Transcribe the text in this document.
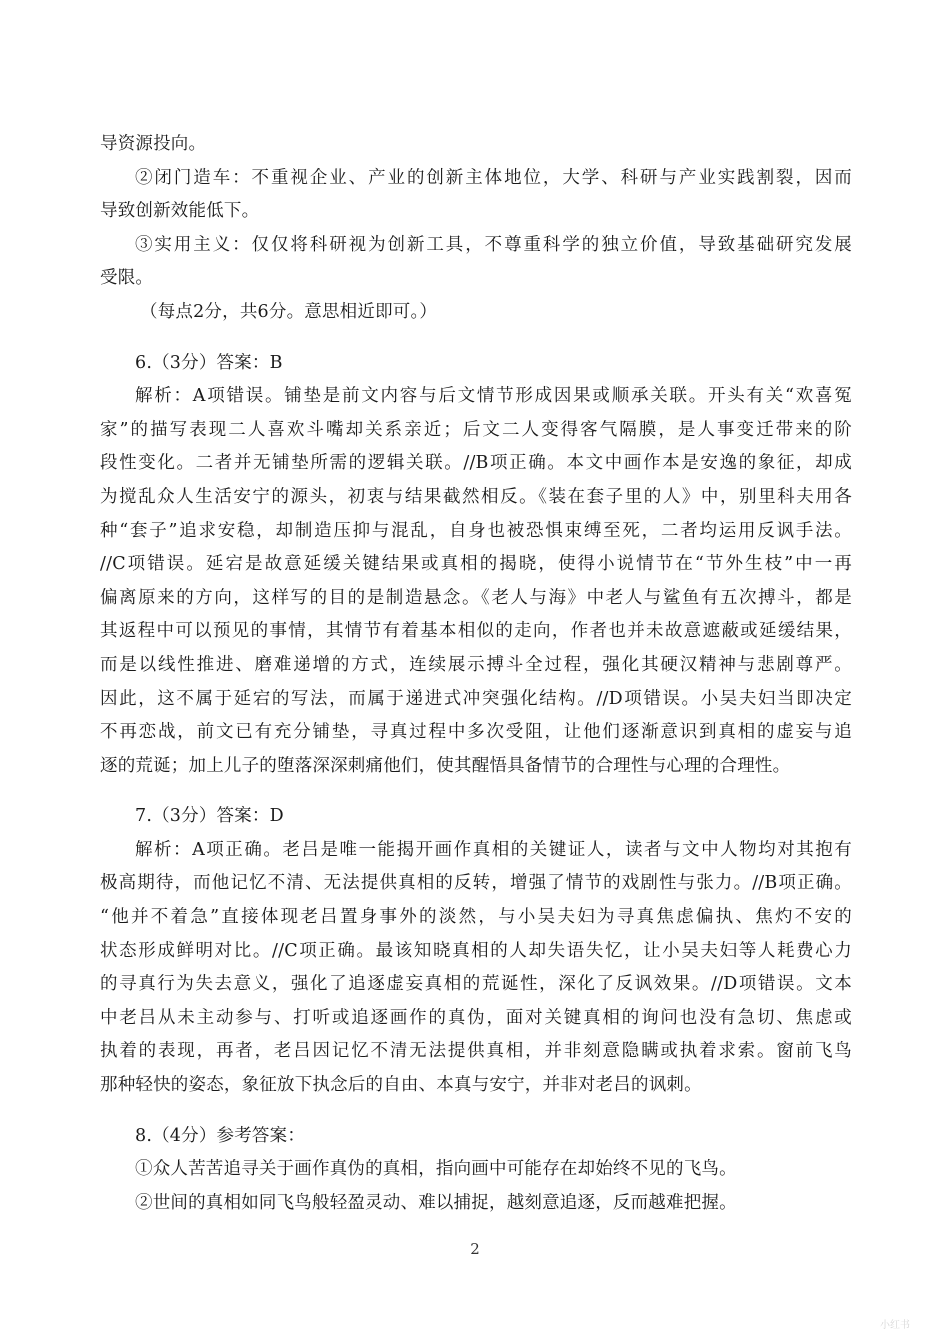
导资源投向。
②闭门造车：不重视企业、产业的创新主体地位，大学、科研与产业实践割裂，因而
导致创新效能低下。
③实用主义：仅仅将科研视为创新工具，不尊重科学的独立价值，导致基础研究发展
受限。
（每点2分，共6分。意思相近即可。）
6.（3分）答案：B
解析：A项错误。铺垫是前文内容与后文情节形成因果或顺承关联。开头有关“欢喜冤
家”的描写表现二人喜欢斗嘴却关系亲近；后文二人变得客气隔膜，是人事变迁带来的阶
段性变化。二者并无铺垫所需的逻辑关联。//B项正确。本文中画作本是安逸的象征，却成
为搅乱众人生活安宁的源头，初衷与结果截然相反。《装在套子里的人》中，别里科夫用各
种“套子”追求安稳，却制造压抑与混乱，自身也被恐惧束缚至死，二者均运用反讽手法。
//C项错误。延宕是故意延缓关键结果或真相的揭晓，使得小说情节在“节外生枝”中一再
偏离原来的方向，这样写的目的是制造悬念。《老人与海》中老人与鲨鱼有五次搏斗，都是
其返程中可以预见的事情，其情节有着基本相似的走向，作者也并未故意遮蔽或延缓结果，
而是以线性推进、磨难递增的方式，连续展示搏斗全过程，强化其硬汉精神与悲剧尊严。
因此，这不属于延宕的写法，而属于递进式冲突强化结构。//D项错误。小吴夫妇当即决定
不再恋战，前文已有充分铺垫，寻真过程中多次受阻，让他们逐渐意识到真相的虚妄与追
逐的荒诞；加上儿子的堕落深深刺痛他们，使其醒悟具备情节的合理性与心理的合理性。
7.（3分）答案：D
解析：A项正确。老吕是唯一能揭开画作真相的关键证人，读者与文中人物均对其抱有
极高期待，而他记忆不清、无法提供真相的反转，增强了情节的戏剧性与张力。//B项正确。
“他并不着急”直接体现老吕置身事外的淡然，与小吴夫妇为寻真焦虑偏执、焦灼不安的
状态形成鲜明对比。//C项正确。最该知晓真相的人却失语失忆，让小吴夫妇等人耗费心力
的寻真行为失去意义，强化了追逐虚妄真相的荒诞性，深化了反讽效果。//D项错误。文本
中老吕从未主动参与、打听或追逐画作的真伪，面对关键真相的询问也没有急切、焦虑或
执着的表现，再者，老吕因记忆不清无法提供真相，并非刻意隐瞒或执着求索。窗前飞鸟
那种轻快的姿态，象征放下执念后的自由、本真与安宁，并非对老吕的讽刺。
8.（4分）参考答案：
①众人苦苦追寻关于画作真伪的真相，指向画中可能存在却始终不见的飞鸟。
②世间的真相如同飞鸟般轻盈灵动、难以捕捉，越刻意追逐，反而越难把握。
2
小红书
